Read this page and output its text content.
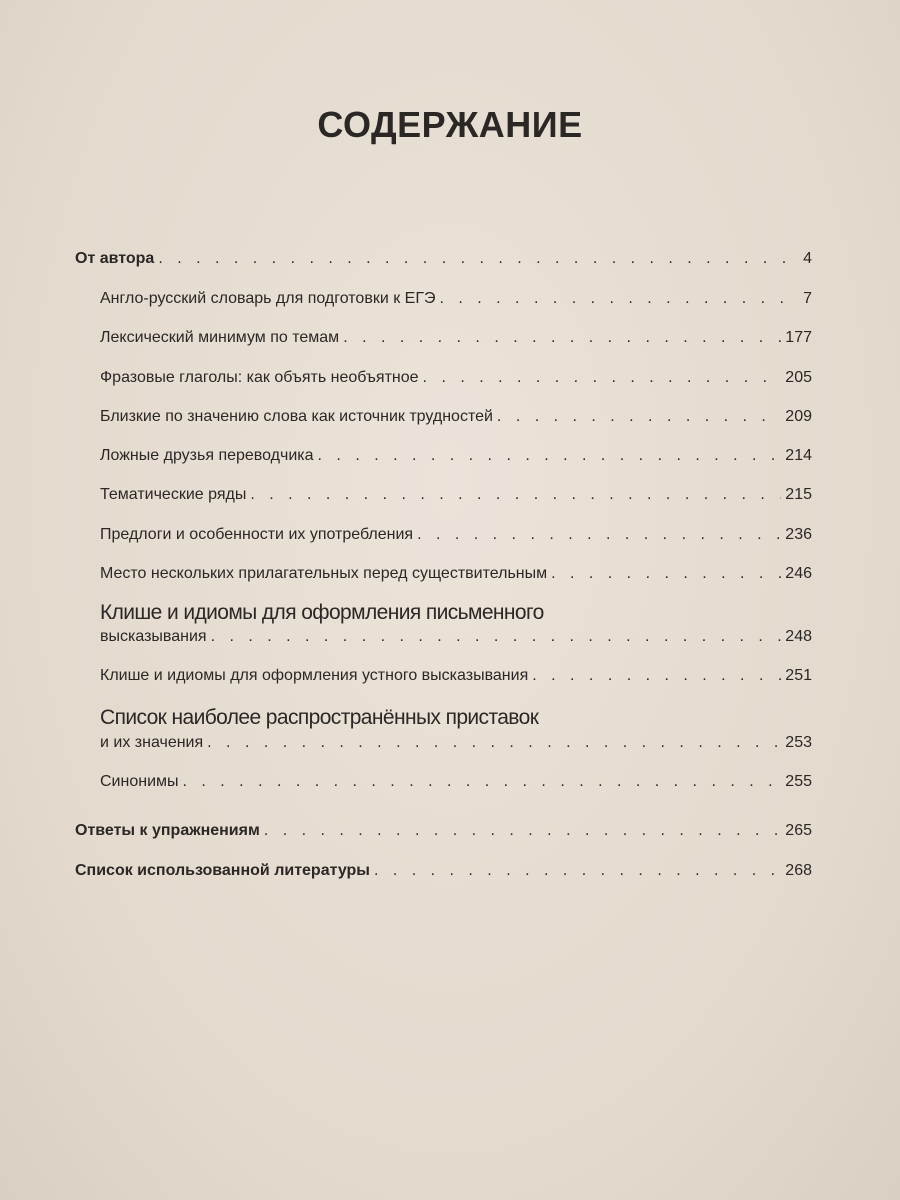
СОДЕРЖАНИЕ
От автора . . .	4
Англо-русский словарь для подготовки к ЕГЭ . . .	7
Лексический минимум по темам . . .	177
Фразовые глаголы: как объять необъятное . . .	205
Близкие по значению слова как источник трудностей . . .	209
Ложные друзья переводчика . . .	214
Тематические ряды . . .	215
Предлоги и особенности их употребления . . .	236
Место нескольких прилагательных перед существительным . . .	246
Клише и идиомы для оформления письменного
высказывания . . .	248
Клише и идиомы для оформления устного высказывания . . .	251
Список наиболее распространённых приставок
и их значения . . .	253
Синонимы . . .	255
Ответы к упражнениям . . .	265
Список использованной литературы . . .	268
